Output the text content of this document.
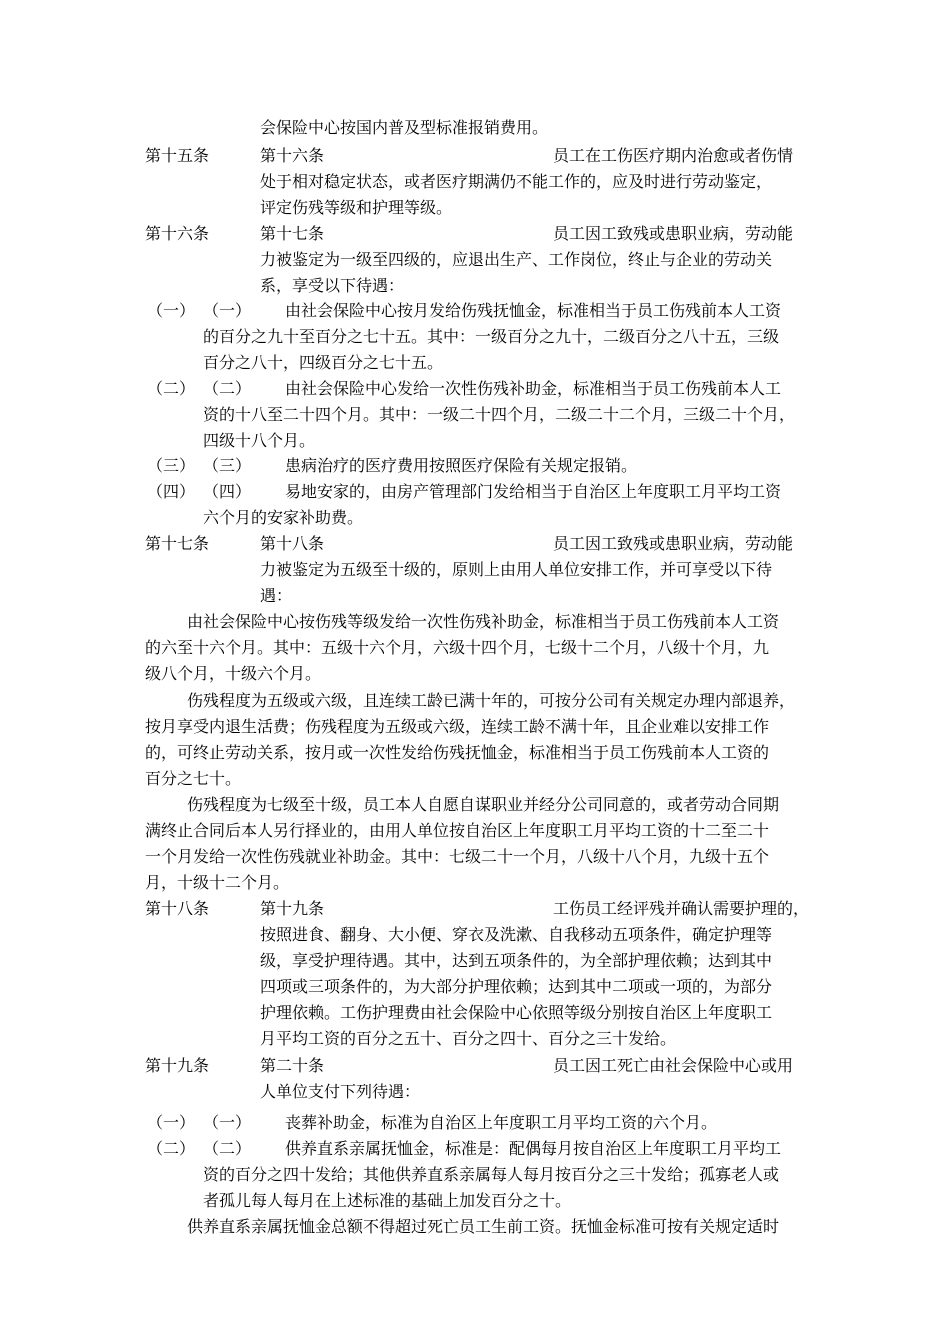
会保险中心按国内普及型标准报销费用。
第十五条	第十六条	员工在工伤医疗期内治愈或者伤情
处于相对稳定状态，或者医疗期满仍不能工作的，应及时进行劳动鉴定，
评定伤残等级和护理等级。
第十六条	第十七条	员工因工致残或患职业病，劳动能
力被鉴定为一级至四级的，应退出生产、工作岗位，终止与企业的劳动关
系，享受以下待遇：
（一） （一） 由社会保险中心按月发给伤残抚恤金，标准相当于员工伤残前本人工资
的百分之九十至百分之七十五。其中：一级百分之九十，二级百分之八十五，三级
百分之八十，四级百分之七十五。
（二） （二） 由社会保险中心发给一次性伤残补助金，标准相当于员工伤残前本人工
资的十八至二十四个月。其中：一级二十四个月，二级二十二个月，三级二十个月，
四级十八个月。
（三） （三） 患病治疗的医疗费用按照医疗保险有关规定报销。
（四） （四） 易地安家的，由房产管理部门发给相当于自治区上年度职工月平均工资
六个月的安家补助费。
第十七条	第十八条	员工因工致残或患职业病，劳动能
力被鉴定为五级至十级的，原则上由用人单位安排工作，并可享受以下待
遇：
由社会保险中心按伤残等级发给一次性伤残补助金，标准相当于员工伤残前本人工资
的六至十六个月。其中：五级十六个月，六级十四个月，七级十二个月，八级十个月，九
级八个月，十级六个月。
伤残程度为五级或六级，且连续工龄已满十年的，可按分公司有关规定办理内部退养，
按月享受内退生活费；伤残程度为五级或六级，连续工龄不满十年，且企业难以安排工作
的，可终止劳动关系，按月或一次性发给伤残抚恤金，标准相当于员工伤残前本人工资的
百分之七十。
伤残程度为七级至十级，员工本人自愿自谋职业并经分公司同意的，或者劳动合同期
满终止合同后本人另行择业的，由用人单位按自治区上年度职工月平均工资的十二至二十
一个月发给一次性伤残就业补助金。其中：七级二十一个月，八级十八个月，九级十五个
月，十级十二个月。
第十八条	第十九条	工伤员工经评残并确认需要护理的，
按照进食、翻身、大小便、穿衣及洗漱、自我移动五项条件，确定护理等
级，享受护理待遇。其中，达到五项条件的，为全部护理依赖；达到其中
四项或三项条件的，为大部分护理依赖；达到其中二项或一项的，为部分
护理依赖。工伤护理费由社会保险中心依照等级分别按自治区上年度职工
月平均工资的百分之五十、百分之四十、百分之三十发给。
第十九条	第二十条	员工因工死亡由社会保险中心或用
人单位支付下列待遇：
（一） （一） 丧葬补助金，标准为自治区上年度职工月平均工资的六个月。
（二） （二） 供养直系亲属抚恤金，标准是：配偶每月按自治区上年度职工月平均工
资的百分之四十发给；其他供养直系亲属每人每月按百分之三十发给；孤寡老人或
者孤儿每人每月在上述标准的基础上加发百分之十。
供养直系亲属抚恤金总额不得超过死亡员工生前工资。抚恤金标准可按有关规定适时
